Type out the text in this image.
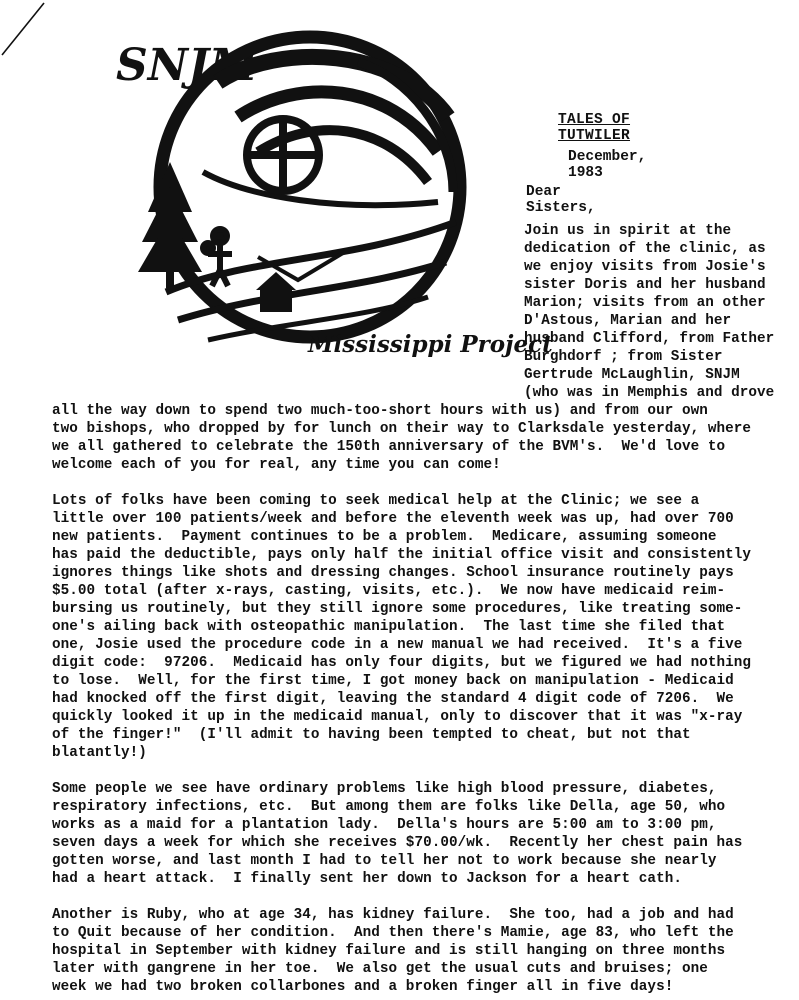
SNJM
Mississippi Project

TALES OF TUTWILER

December, 1983

Dear Sisters,

Join us in spirit at the
dedication of the clinic, as
we enjoy visits from Josie's
sister Doris and her husband
Marion; visits from an other
D'Astous, Marian and her
husband Clifford, from Father
Burghdorf ; from Sister
Gertrude McLaughlin, SNJM
(who was in Memphis and drove
all the way down to spend two much-too-short hours with us) and from our own
two bishops, who dropped by for lunch on their way to Clarksdale yesterday, where
we all gathered to celebrate the 150th anniversary of the BVM's.  We'd love to
welcome each of you for real, any time you can come!
Lots of folks have been coming to seek medical help at the Clinic; we see a
little over 100 patients/week and before the eleventh week was up, had over 700
new patients.  Payment continues to be a problem.  Medicare, assuming someone
has paid the deductible, pays only half the initial office visit and consistently
ignores things like shots and dressing changes. School insurance routinely pays
$5.00 total (after x-rays, casting, visits, etc.).  We now have medicaid reim-
bursing us routinely, but they still ignore some procedures, like treating some-
one's ailing back with osteopathic manipulation.  The last time she filed that
one, Josie used the procedure code in a new manual we had received.  It's a five
digit code:  97206.  Medicaid has only four digits, but we figured we had nothing
to lose.  Well, for the first time, I got money back on manipulation - Medicaid
had knocked off the first digit, leaving the standard 4 digit code of 7206.  We
quickly looked it up in the medicaid manual, only to discover that it was "x-ray
of the finger!"  (I'll admit to having been tempted to cheat, but not that
blatantly!)
Some people we see have ordinary problems like high blood pressure, diabetes,
respiratory infections, etc.  But among them are folks like Della, age 50, who
works as a maid for a plantation lady.  Della's hours are 5:00 am to 3:00 pm,
seven days a week for which she receives $70.00/wk.  Recently her chest pain has
gotten worse, and last month I had to tell her not to work because she nearly
had a heart attack.  I finally sent her down to Jackson for a heart cath.
Another is Ruby, who at age 34, has kidney failure.  She too, had a job and had
to Quit because of her condition.  And then there's Mamie, age 83, who left the
hospital in September with kidney failure and is still hanging on three months
later with gangrene in her toe.  We also get the usual cuts and bruises; one
week we had two broken collarbones and a broken finger all in five days!
